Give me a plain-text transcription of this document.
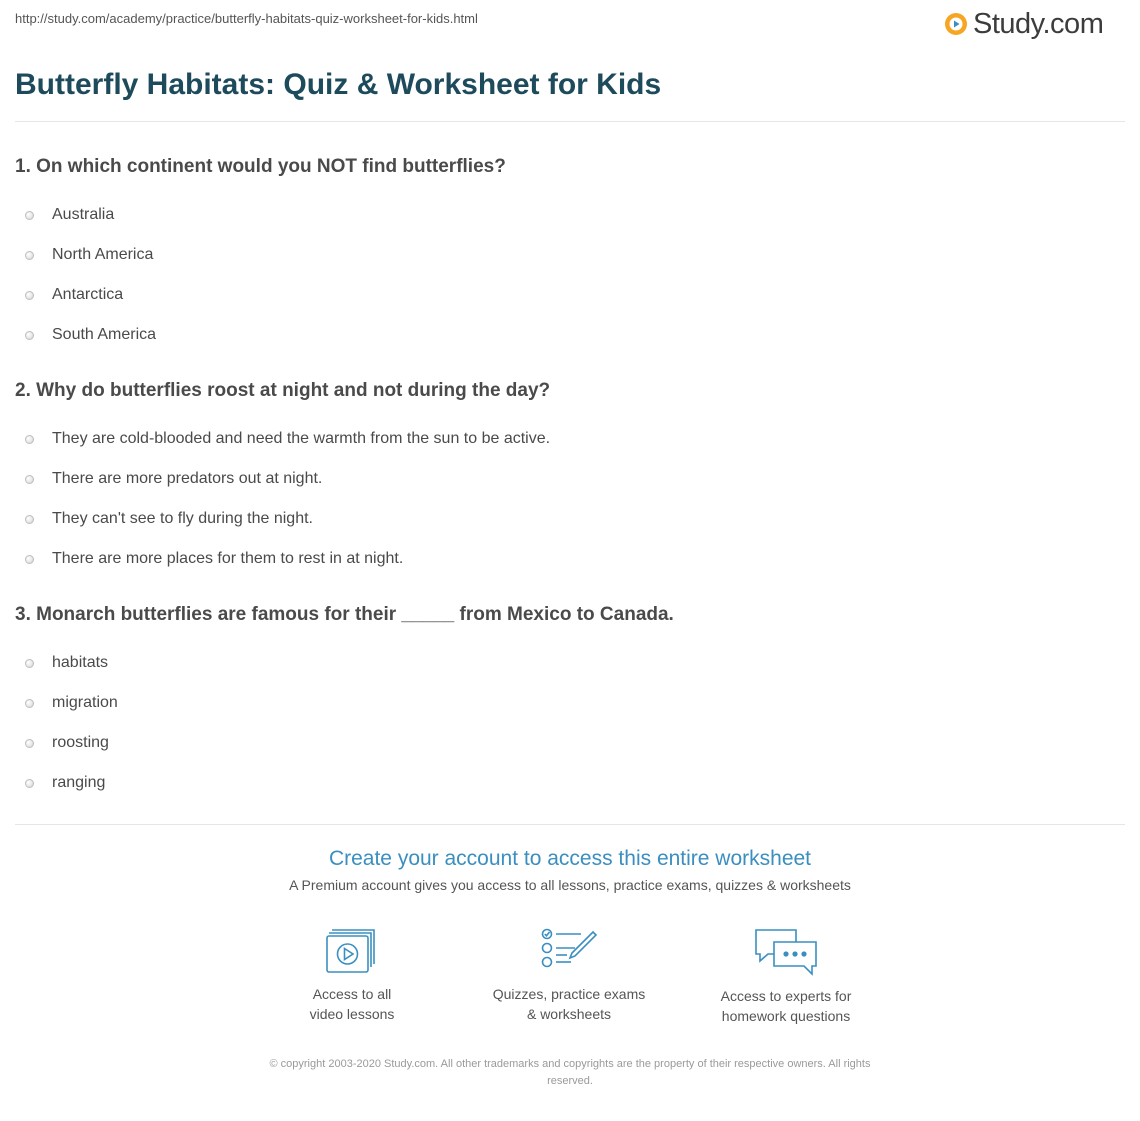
http://study.com/academy/practice/butterfly-habitats-quiz-worksheet-for-kids.html	Study.com
Butterfly Habitats: Quiz & Worksheet for Kids

1. On which continent would you NOT find butterflies?

Australia
North America
Antarctica
South America

2. Why do butterflies roost at night and not during the day?

They are cold-blooded and need the warmth from the sun to be active.
There are more predators out at night.
They can't see to fly during the night.
There are more places for them to rest in at night.

3. Monarch butterflies are famous for their _____ from Mexico to Canada.

habitats
migration
roosting
ranging
Create your account to access this entire worksheet
A Premium account gives you access to all lessons, practice exams, quizzes & worksheets
Access to all
video lessons
Quizzes, practice exams
& worksheets
Access to experts for
homework questions
© copyright 2003-2020 Study.com. All other trademarks and copyrights are the property of their respective owners. All rights
reserved.
